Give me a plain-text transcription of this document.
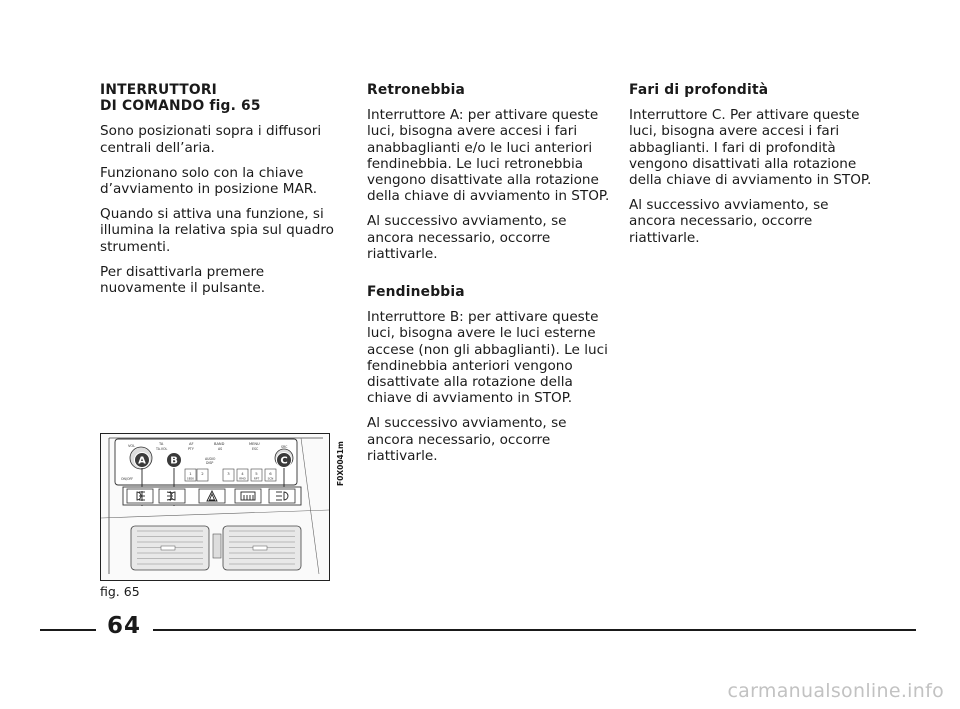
INTERRUTTORI
DI COMANDO fig. 65

Sono posizionati sopra i diffusori centrali dell’aria.

Funzionano solo con la chiave d’avviamento in posizione MAR.

Quando si attiva una funzione, si illumina la relativa spia sul quadro strumenti.

Per disattivarla premere nuovamente il pulsante.

Retronebbia

Interruttore A: per attivare queste luci, bisogna avere accesi i fari anabbaglianti e/o le luci anteriori fendinebbia. Le luci retronebbia vengono disattivate alla rotazione della chiave di avviamento in STOP.

Al successivo avviamento, se ancora necessario, occorre riattivarle.

Fendinebbia

Interruttore B: per attivare queste luci, bisogna avere le luci esterne accese (non gli abbaglianti). Le luci fendinebbia anteriori vengono disattivate alla rotazione della chiave di avviamento in STOP.

Al successivo avviamento, se ancora necessario, occorre riattivarle.

Fari di profondità

Interruttore C. Per attivare queste luci, bisogna avere accesi i fari abbaglianti. I fari di profondità vengono disattivati alla rotazione della chiave di avviamento in STOP.

Al successivo avviamento, se ancora necessario, occorre riattivarle.

VOL	TA
TA.VOL
AF
PTY
BAND
AS
MENU
ESC	SRC
ON/OFF
AUDIO
DISP
1
SEEK
2	3	4
RMD
5
RPT
6
SCN
A B	C	F0X0041m
fig. 65
64
carmanualsonline.info
